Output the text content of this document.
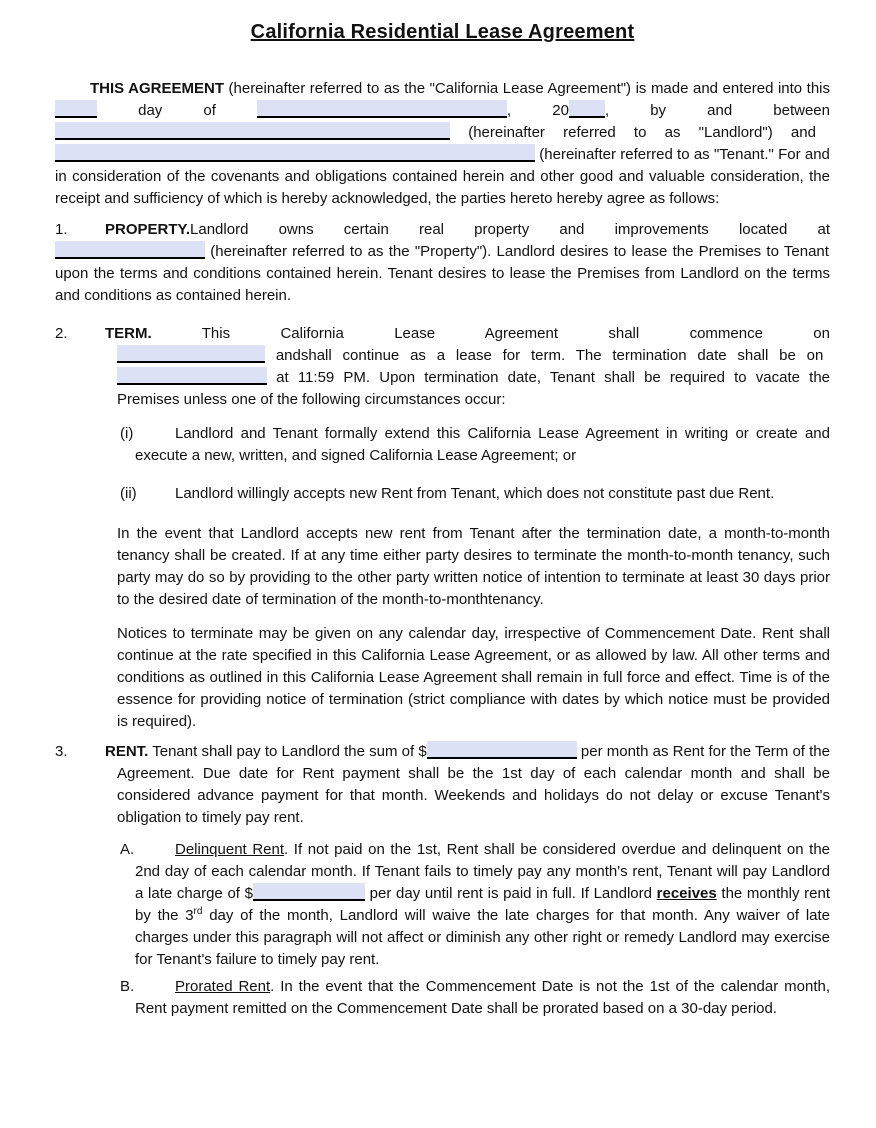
California Residential Lease Agreement

THIS AGREEMENT (hereinafter referred to as the "California Lease Agreement") is made and entered into this  day of	, 20 , by and between  (hereinafter referred to as "Landlord") and  (hereinafter referred to as "Tenant." For and in consideration of the covenants and obligations contained herein and other good and valuable consideration, the receipt and sufficiency of which is hereby acknowledged, the parties hereto hereby agree as follows:

1. PROPERTY.Landlord owns certain real property and improvements located at  (hereinafter referred to as the "Property"). Landlord desires to lease the Premises to Tenant upon the terms and conditions contained herein. Tenant desires to lease the Premises from Landlord on the terms and conditions as contained herein.

2. TERM. This California Lease Agreement shall commence on  andshall continue as a lease for term. The termination date shall be on  at 11:59 PM. Upon termination date, Tenant shall be required to vacate the Premises unless one of the following circumstances occur:

(i)	Landlord and Tenant formally extend this California Lease Agreement in writing or create and execute a new, written, and signed California Lease Agreement; or

(ii)	Landlord willingly accepts new Rent from Tenant, which does not constitute past due Rent.

In the event that Landlord accepts new rent from Tenant after the termination date, a month-to-month tenancy shall be created. If at any time either party desires to terminate the month-to-month tenancy, such party may do so by providing to the other party written notice of intention to terminate at least 30 days prior to the desired date of termination of the month-to-monthtenancy.

Notices to terminate may be given on any calendar day, irrespective of Commencement Date. Rent shall continue at the rate specified in this California Lease Agreement, or as allowed by law. All other terms and conditions as outlined in this California Lease Agreement shall remain in full force and effect. Time is of the essence for providing notice of termination (strict compliance with dates by which notice must be provided is required).

3. RENT. Tenant shall pay to Landlord the sum of $	per month as Rent for the Term of the Agreement. Due date for Rent payment shall be the 1st day of each calendar month and shall be considered advance payment for that month. Weekends and holidays do not delay or excuse Tenant's obligation to timely pay rent.

A.	Delinquent Rent. If not paid on the 1st, Rent shall be considered overdue and delinquent on the 2nd day of each calendar month. If Tenant fails to timely pay any month's rent, Tenant will pay Landlord a late charge of $	per day until rent is paid in full. If Landlord receives the monthly rent by the 3rd day of the month, Landlord will waive the late charges for that month. Any waiver of late charges under this paragraph will not affect or diminish any other right or remedy Landlord may exercise for Tenant's failure to timely pay rent.

B.	Prorated Rent. In the event that the Commencement Date is not the 1st of the calendar month, Rent payment remitted on the Commencement Date shall be prorated based on a 30-day period.
